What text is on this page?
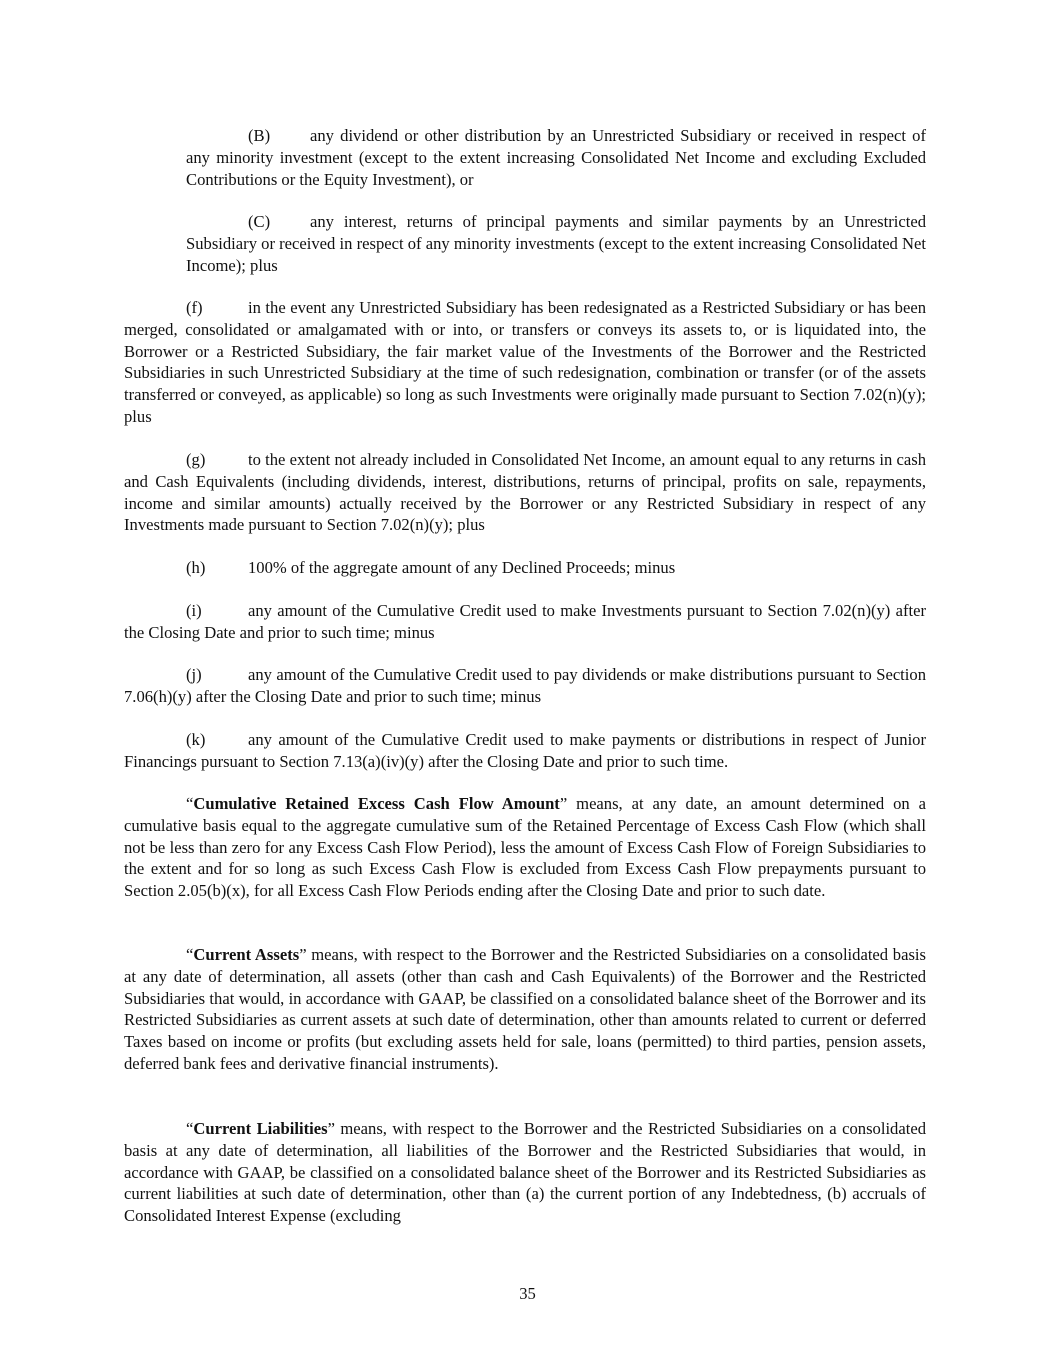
(B) any dividend or other distribution by an Unrestricted Subsidiary or received in respect of any minority investment (except to the extent increasing Consolidated Net Income and excluding Excluded Contributions or the Equity Investment), or

(C) any interest, returns of principal payments and similar payments by an Unrestricted Subsidiary or received in respect of any minority investments (except to the extent increasing Consolidated Net Income); plus

(f)	in the event any Unrestricted Subsidiary has been redesignated as a Restricted Subsidiary or has been merged, consolidated or amalgamated with or into, or transfers or conveys its assets to, or is liquidated into, the Borrower or a Restricted Subsidiary, the fair market value of the Investments of the Borrower and the Restricted Subsidiaries in such Unrestricted Subsidiary at the time of such redesignation, combination or transfer (or of the assets transferred or conveyed, as applicable) so long as such Investments were originally made pursuant to Section 7.02(n)(y); plus

(g)	to the extent not already included in Consolidated Net Income, an amount equal to any returns in cash and Cash Equivalents (including dividends, interest, distributions, returns of principal, profits on sale, repayments, income and similar amounts) actually received by the Borrower or any Restricted Subsidiary in respect of any Investments made pursuant to Section 7.02(n)(y); plus

(h)	100% of the aggregate amount of any Declined Proceeds; minus

(i)	any amount of the Cumulative Credit used to make Investments pursuant to Section 7.02(n)(y) after the Closing Date and prior to such time; minus

(j)	any amount of the Cumulative Credit used to pay dividends or make distributions pursuant to Section 7.06(h)(y) after the Closing Date and prior to such time; minus

(k)	any amount of the Cumulative Credit used to make payments or distributions in respect of Junior Financings pursuant to Section 7.13(a)(iv)(y) after the Closing Date and prior to such time.

“Cumulative Retained Excess Cash Flow Amount” means, at any date, an amount determined on a cumulative basis equal to the aggregate cumulative sum of the Retained Percentage of Excess Cash Flow (which shall not be less than zero for any Excess Cash Flow Period), less the amount of Excess Cash Flow of Foreign Subsidiaries to the extent and for so long as such Excess Cash Flow is excluded from Excess Cash Flow prepayments pursuant to Section 2.05(b)(x), for all Excess Cash Flow Periods ending after the Closing Date and prior to such date.

“Current Assets” means, with respect to the Borrower and the Restricted Subsidiaries on a consolidated basis at any date of determination, all assets (other than cash and Cash Equivalents) of the Borrower and the Restricted Subsidiaries that would, in accordance with GAAP, be classified on a consolidated balance sheet of the Borrower and its Restricted Subsidiaries as current assets at such date of determination, other than amounts related to current or deferred Taxes based on income or profits (but excluding assets held for sale, loans (permitted) to third parties, pension assets, deferred bank fees and derivative financial instruments).

“Current Liabilities” means, with respect to the Borrower and the Restricted Subsidiaries on a consolidated basis at any date of determination, all liabilities of the Borrower and the Restricted Subsidiaries that would, in accordance with GAAP, be classified on a consolidated balance sheet of the Borrower and its Restricted Subsidiaries as current liabilities at such date of determination, other than (a) the current portion of any Indebtedness, (b) accruals of Consolidated Interest Expense (excluding

35
